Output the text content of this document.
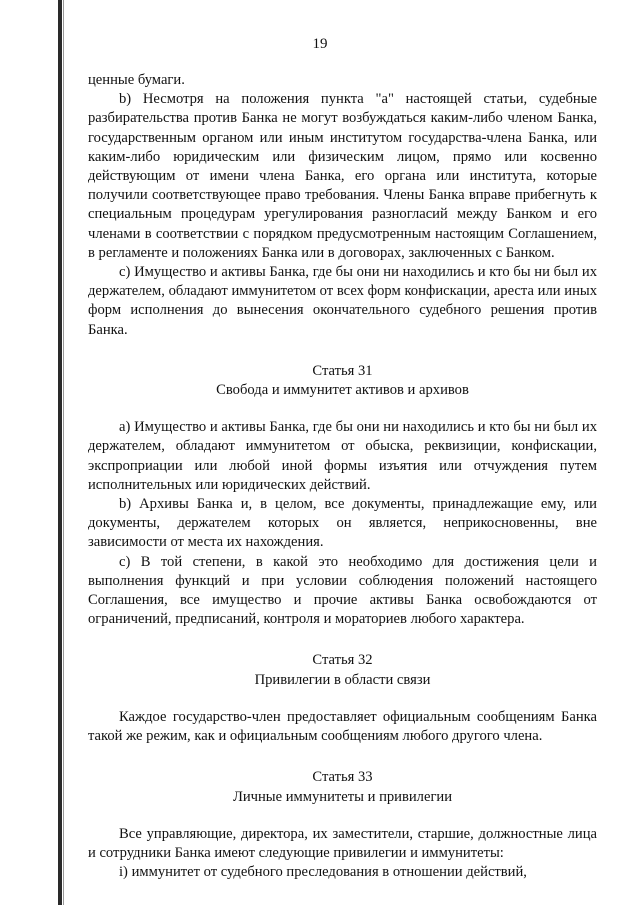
19

ценные бумаги.

b) Несмотря на положения пункта "a" настоящей статьи, судебные разбирательства против Банка не могут возбуждаться каким-либо членом Банка, государственным органом или иным институтом государства-члена Банка, или каким-либо юридическим или физическим лицом, прямо или косвенно действующим от имени члена Банка, его органа или института, которые получили соответствующее право требования. Члены Банка вправе прибегнуть к специальным процедурам урегулирования разногласий между Банком и его членами в соответствии с порядком предусмотренным настоящим Соглашением, в регламенте и положениях Банка или в договорах, заключенных с Банком.

c) Имущество и активы Банка, где бы они ни находились и кто бы ни был их держателем, обладают иммунитетом от всех форм конфискации, ареста или иных форм исполнения до вынесения окончательного судебного решения против Банка.

Статья 31

Свобода и иммунитет активов и архивов

a) Имущество и активы Банка, где бы они ни находились и кто бы ни был их держателем, обладают иммунитетом от обыска, реквизиции, конфискации, экспроприации или любой иной формы изъятия или отчуждения путем исполнительных или юридических действий.

b) Архивы Банка и, в целом, все документы, принадлежащие ему, или документы, держателем которых он является, неприкосновенны, вне зависимости от места их нахождения.

c) В той степени, в какой это необходимо для достижения цели и выполнения функций и при условии соблюдения положений настоящего Соглашения, все имущество и прочие активы Банка освобождаются от ограничений, предписаний, контроля и мораториев любого характера.

Статья 32

Привилегии в области связи

Каждое государство-член предоставляет официальным сообщениям Банка такой же режим, как и официальным сообщениям любого другого члена.

Статья 33

Личные иммунитеты и привилегии

Все управляющие, директора, их заместители, старшие, должностные лица и сотрудники Банка имеют следующие привилегии и иммунитеты:

i) иммунитет от судебного преследования в отношении действий,
